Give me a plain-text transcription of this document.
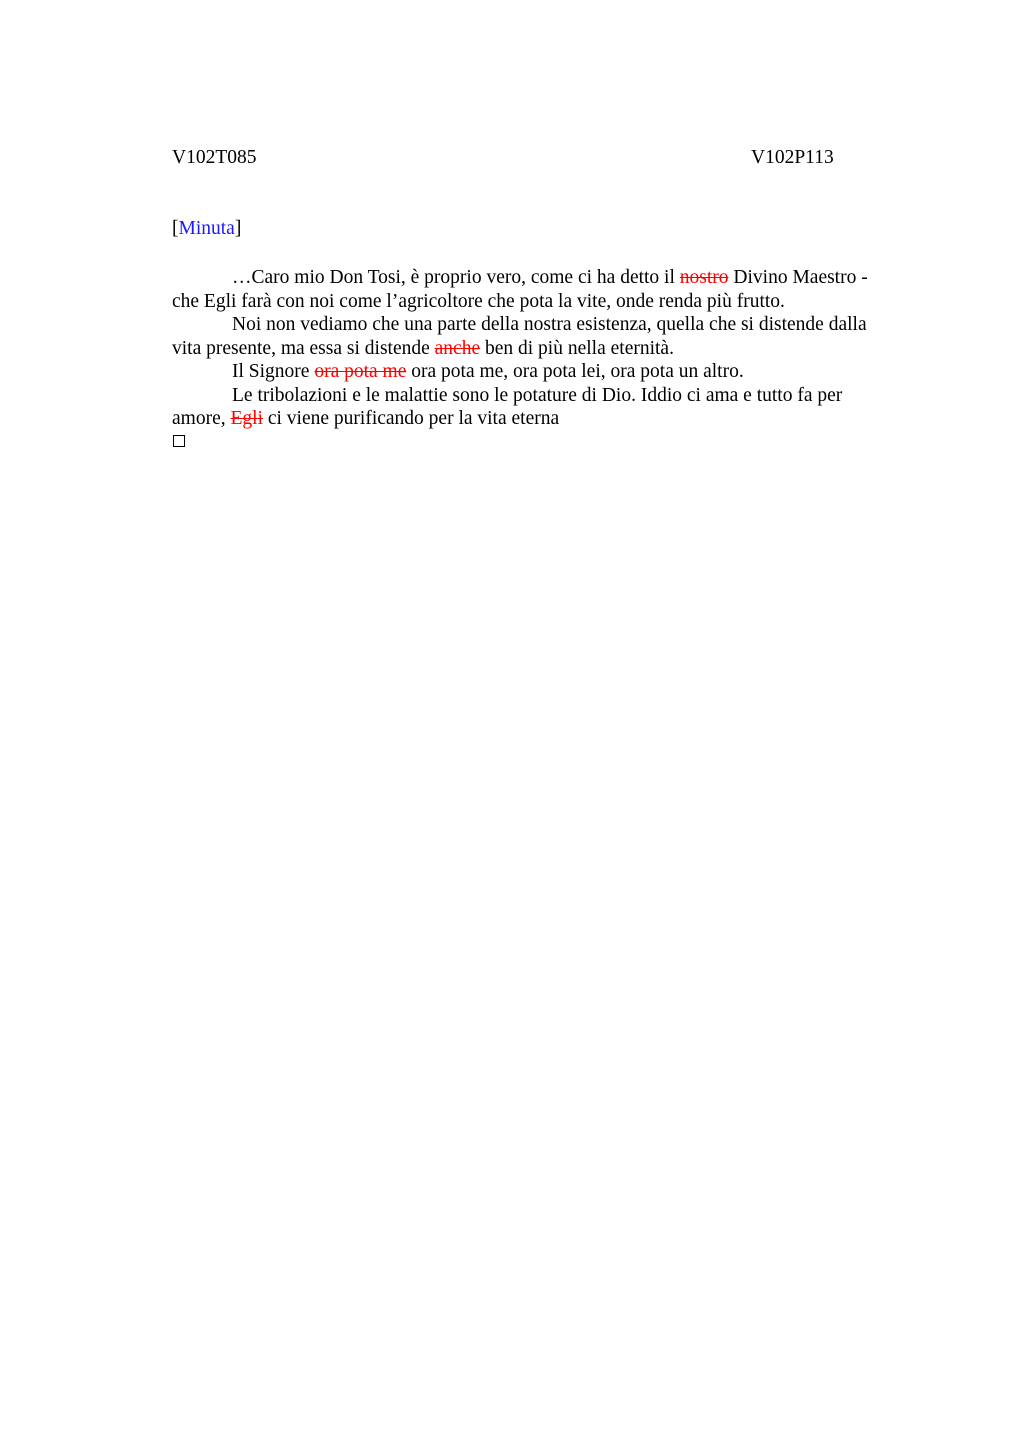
V102T085	V102P113
[Minuta]
…Caro mio Don Tosi, è proprio vero, come ci ha detto il nostro Divino Maestro -
che Egli farà con noi come l’agricoltore che pota la vite, onde renda più frutto.
Noi non vediamo che una parte della nostra esistenza, quella che si distende dalla
vita presente, ma essa si distende anche ben di più nella eternità.
Il Signore ora pota me ora pota me, ora pota lei, ora pota un altro.
Le tribolazioni e le malattie sono le potature di Dio. Iddio ci ama e tutto fa per
amore, Egli ci viene purificando per la vita eterna
